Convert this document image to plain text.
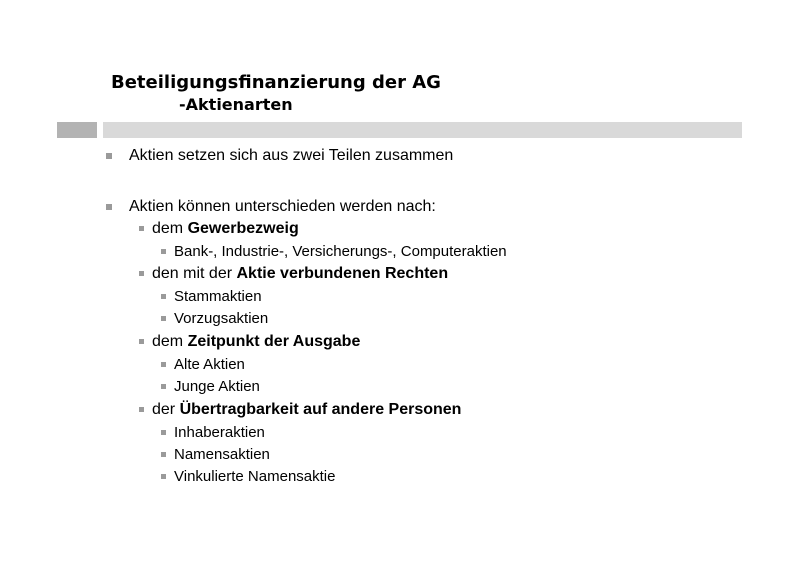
Beteiligungsfinanzierung der AG
-Aktienarten
Aktien setzen sich aus zwei Teilen zusammen
Aktien können unterschieden werden nach:
dem Gewerbezweig
Bank-, Industrie-, Versicherungs-, Computeraktien
den mit der Aktie verbundenen Rechten
Stammaktien
Vorzugsaktien
dem Zeitpunkt der Ausgabe
Alte Aktien
Junge Aktien
der Übertragbarkeit auf andere Personen
Inhaberaktien
Namensaktien
Vinkulierte Namensaktie
